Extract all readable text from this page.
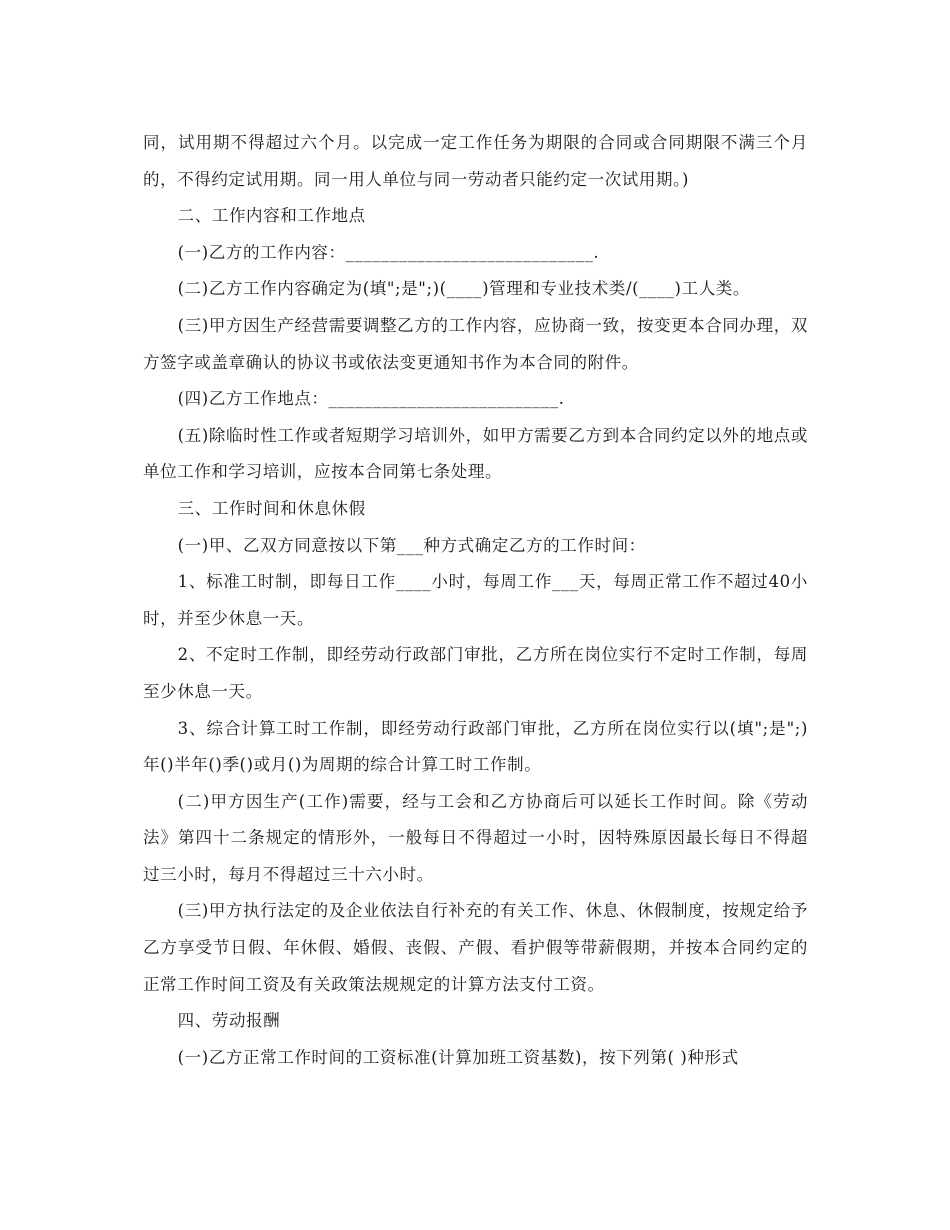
同，试用期不得超过六个月。以完成一定工作任务为期限的合同或合同期限不满三个月的，不得约定试用期。同一用人单位与同一劳动者只能约定一次试用期。)

二、工作内容和工作地点

(一)乙方的工作内容：____________________________.

(二)乙方工作内容确定为(填";是";)(____)管理和专业技术类/(____)工人类。

(三)甲方因生产经营需要调整乙方的工作内容，应协商一致，按变更本合同办理，双方签字或盖章确认的协议书或依法变更通知书作为本合同的附件。

(四)乙方工作地点：__________________________.

(五)除临时性工作或者短期学习培训外，如甲方需要乙方到本合同约定以外的地点或单位工作和学习培训，应按本合同第七条处理。

三、工作时间和休息休假

(一)甲、乙双方同意按以下第___种方式确定乙方的工作时间：

1、标准工时制，即每日工作____小时，每周工作___天，每周正常工作不超过40小时，并至少休息一天。

2、不定时工作制，即经劳动行政部门审批，乙方所在岗位实行不定时工作制，每周至少休息一天。

3、综合计算工时工作制，即经劳动行政部门审批，乙方所在岗位实行以(填";是";)年()半年()季()或月()为周期的综合计算工时工作制。

(二)甲方因生产(工作)需要，经与工会和乙方协商后可以延长工作时间。除《劳动法》第四十二条规定的情形外，一般每日不得超过一小时，因特殊原因最长每日不得超过三小时，每月不得超过三十六小时。

(三)甲方执行法定的及企业依法自行补充的有关工作、休息、休假制度，按规定给予乙方享受节日假、年休假、婚假、丧假、产假、看护假等带薪假期，并按本合同约定的正常工作时间工资及有关政策法规规定的计算方法支付工资。

四、劳动报酬

(一)乙方正常工作时间的工资标准(计算加班工资基数)，按下列第( )种形式
